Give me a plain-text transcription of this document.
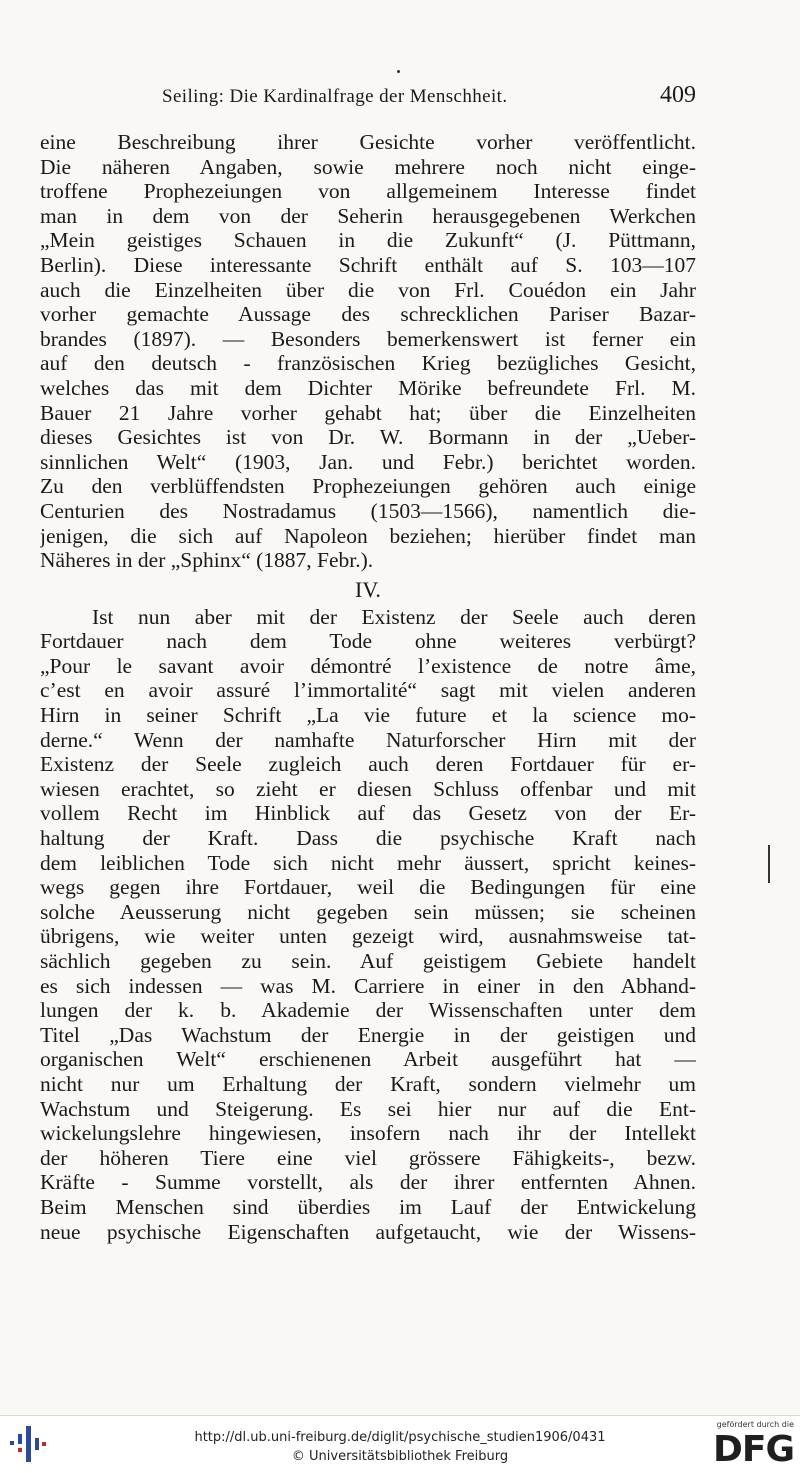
Seiling: Die Kardinalfrage der Menschheit.	409
eine Beschreibung ihrer Gesichte vorher veröffentlicht.
Die näheren Angaben, sowie mehrere noch nicht einge-
troffene Prophezeiungen von allgemeinem Interesse findet
man in dem von der Seherin herausgegebenen Werkchen
„Mein geistiges Schauen in die Zukunft“ (J. Püttmann,
Berlin). Diese interessante Schrift enthält auf S. 103—107
auch die Einzelheiten über die von Frl. Couédon ein Jahr
vorher gemachte Aussage des schrecklichen Pariser Bazar-
brandes (1897). — Besonders bemerkenswert ist ferner ein
auf den deutsch - französischen Krieg bezügliches Gesicht,
welches das mit dem Dichter Mörike befreundete Frl. M.
Bauer 21 Jahre vorher gehabt hat; über die Einzelheiten
dieses Gesichtes ist von Dr. W. Bormann in der „Ueber-
sinnlichen Welt“ (1903, Jan. und Febr.) berichtet worden.
Zu den verblüffendsten Prophezeiungen gehören auch einige
Centurien des Nostradamus (1503—1566), namentlich die-
jenigen, die sich auf Napoleon beziehen; hierüber findet man
Näheres in der „Sphinx“ (1887, Febr.).
IV.
Ist nun aber mit der Existenz der Seele auch deren
Fortdauer nach dem Tode ohne weiteres verbürgt?
„Pour le savant avoir démontré l’existence de notre âme,
c’est en avoir assuré l’immortalité“ sagt mit vielen anderen
Hirn in seiner Schrift „La vie future et la science mo-
derne.“ Wenn der namhafte Naturforscher Hirn mit der
Existenz der Seele zugleich auch deren Fortdauer für er-
wiesen erachtet, so zieht er diesen Schluss offenbar und mit
vollem Recht im Hinblick auf das Gesetz von der Er-
haltung der Kraft. Dass die psychische Kraft nach
dem leiblichen Tode sich nicht mehr äussert, spricht keines-
wegs gegen ihre Fortdauer, weil die Bedingungen für eine
solche Aeusserung nicht gegeben sein müssen; sie scheinen
übrigens, wie weiter unten gezeigt wird, ausnahmsweise tat-
sächlich gegeben zu sein. Auf geistigem Gebiete handelt
es sich indessen — was M. Carriere in einer in den Abhand-
lungen der k. b. Akademie der Wissenschaften unter dem
Titel „Das Wachstum der Energie in der geistigen und
organischen Welt“ erschienenen Arbeit ausgeführt hat —
nicht nur um Erhaltung der Kraft, sondern vielmehr um
Wachstum und Steigerung. Es sei hier nur auf die Ent-
wickelungslehre hingewiesen, insofern nach ihr der Intellekt
der höheren Tiere eine viel grössere Fähigkeits-, bezw.
Kräfte - Summe vorstellt, als der ihrer entfernten Ahnen.
Beim Menschen sind überdies im Lauf der Entwickelung
neue psychische Eigenschaften aufgetaucht, wie der Wissens-
http://dl.ub.uni-freiburg.de/diglit/psychische_studien1906/0431
© Universitätsbibliothek Freiburg
gefördert durch die
DFG
